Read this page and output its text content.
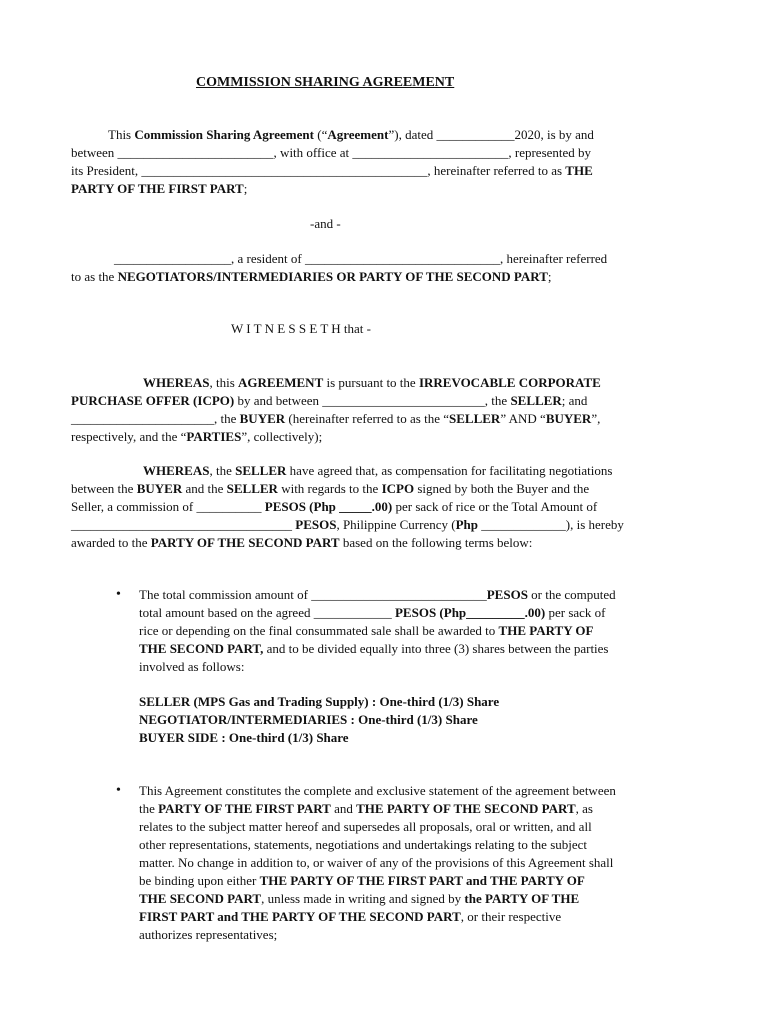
COMMISSION SHARING AGREEMENT
This Commission Sharing Agreement (“Agreement”), dated ____________2020, is by and
between ________________________, with office at ________________________, represented by
its President, ____________________________________________, hereinafter referred to as THE
PARTY OF THE FIRST PART;
-and -
__________________, a resident of ______________________________, hereinafter referred
to as the NEGOTIATORS/INTERMEDIARIES OR PARTY OF THE SECOND PART;
W I T N E S S E T H that -
WHEREAS, this AGREEMENT is pursuant to the IRREVOCABLE CORPORATE
PURCHASE OFFER (ICPO) by and between _________________________, the SELLER; and
______________________, the BUYER (hereinafter referred to as the “SELLER” AND “BUYER”,
respectively, and the “PARTIES”, collectively);
WHEREAS, the SELLER have agreed that, as compensation for facilitating negotiations
between the BUYER and the SELLER with regards to the ICPO signed by both the Buyer and the
Seller, a commission of __________ PESOS (Php _____.00) per sack of rice or the Total Amount of
__________________________________ PESOS, Philippine Currency (Php _____________), is hereby
awarded to the PARTY OF THE SECOND PART based on the following terms below:
• The total commission amount of ___________________________PESOS or the computed
total amount based on the agreed ____________ PESOS (Php_________.00) per sack of
rice or depending on the final consummated sale shall be awarded to THE PARTY OF
THE SECOND PART, and to be divided equally into three (3) shares between the parties
involved as follows:
SELLER (MPS Gas and Trading Supply) : One-third (1/3) Share
NEGOTIATOR/INTERMEDIARIES : One-third (1/3) Share
BUYER SIDE : One-third (1/3) Share
• This Agreement constitutes the complete and exclusive statement of the agreement between
the PARTY OF THE FIRST PART and THE PARTY OF THE SECOND PART, as
relates to the subject matter hereof and supersedes all proposals, oral or written, and all
other representations, statements, negotiations and undertakings relating to the subject
matter. No change in addition to, or waiver of any of the provisions of this Agreement shall
be binding upon either THE PARTY OF THE FIRST PART and THE PARTY OF
THE SECOND PART, unless made in writing and signed by the PARTY OF THE
FIRST PART and THE PARTY OF THE SECOND PART, or their respective
authorizes representatives;
